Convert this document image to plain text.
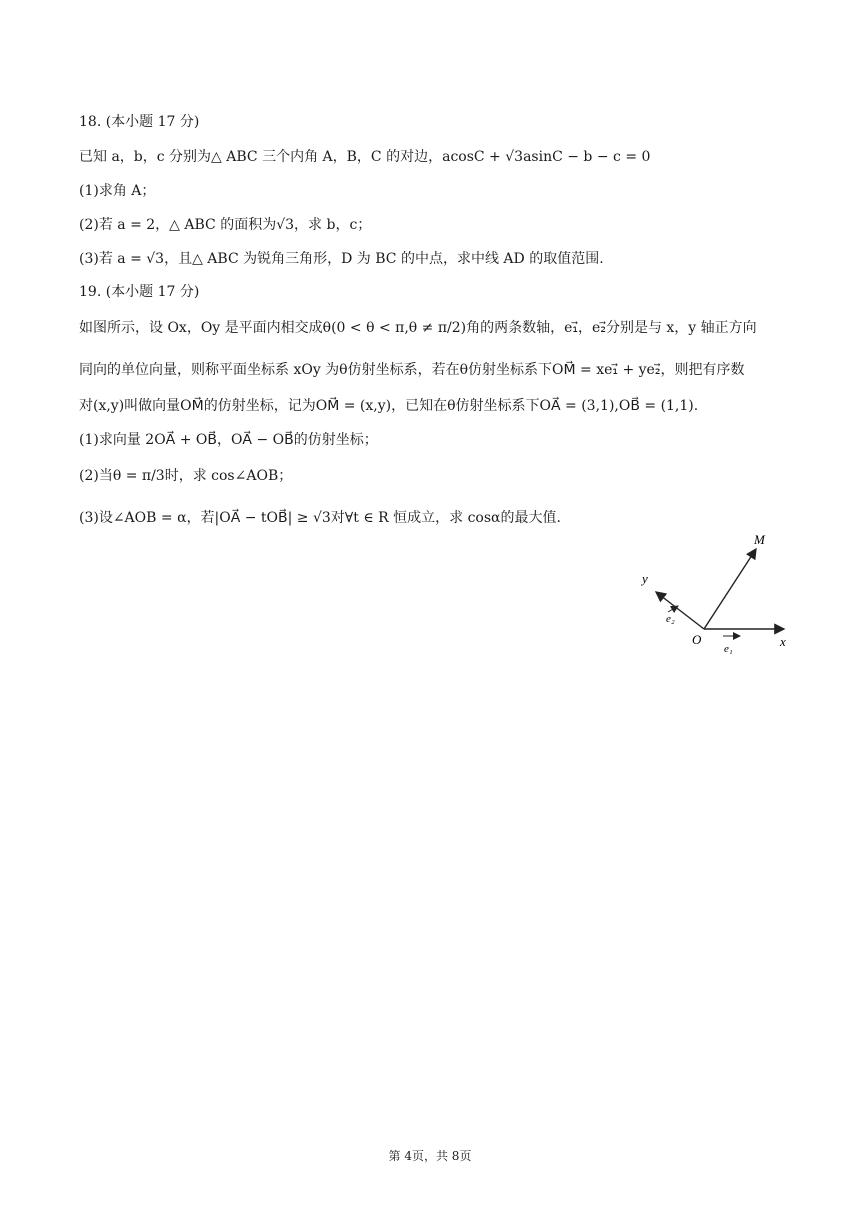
18. (本小题 17 分)
已知 a，b，c 分别为△ ABC 三个内角 A，B，C 的对边，acosC + √3asinC − b − c = 0
(1)求角 A；
(2)若 a = 2，△ ABC 的面积为√3，求 b，c；
(3)若 a = √3，且△ ABC 为锐角三角形，D 为 BC 的中点，求中线 AD 的取值范围.
19. (本小题 17 分)
如图所示，设 Ox，Oy 是平面内相交成θ(0 < θ < π,θ ≠ π/2)角的两条数轴，e₁⃗，e₂⃗分别是与 x，y 轴正方向
同向的单位向量，则称平面坐标系 xOy 为θ仿射坐标系，若在θ仿射坐标系下OM⃗ = xe₁⃗ + ye₂⃗，则把有序数
对(x,y)叫做向量OM⃗的仿射坐标，记为OM⃗ = (x,y)，已知在θ仿射坐标系下OA⃗ = (3,1),OB⃗ = (1,1).
(1)求向量 2OA⃗ + OB⃗，OA⃗ − OB⃗的仿射坐标；
(2)当θ = π/3时，求 cos∠AOB；
(3)设∠AOB = α，若|OA⃗ − tOB⃗| ≥ √3对∀t ∈ R 恒成立，求 cosα的最大值.
M
y
x
O
e₁
e₂
第 4页，共 8页
